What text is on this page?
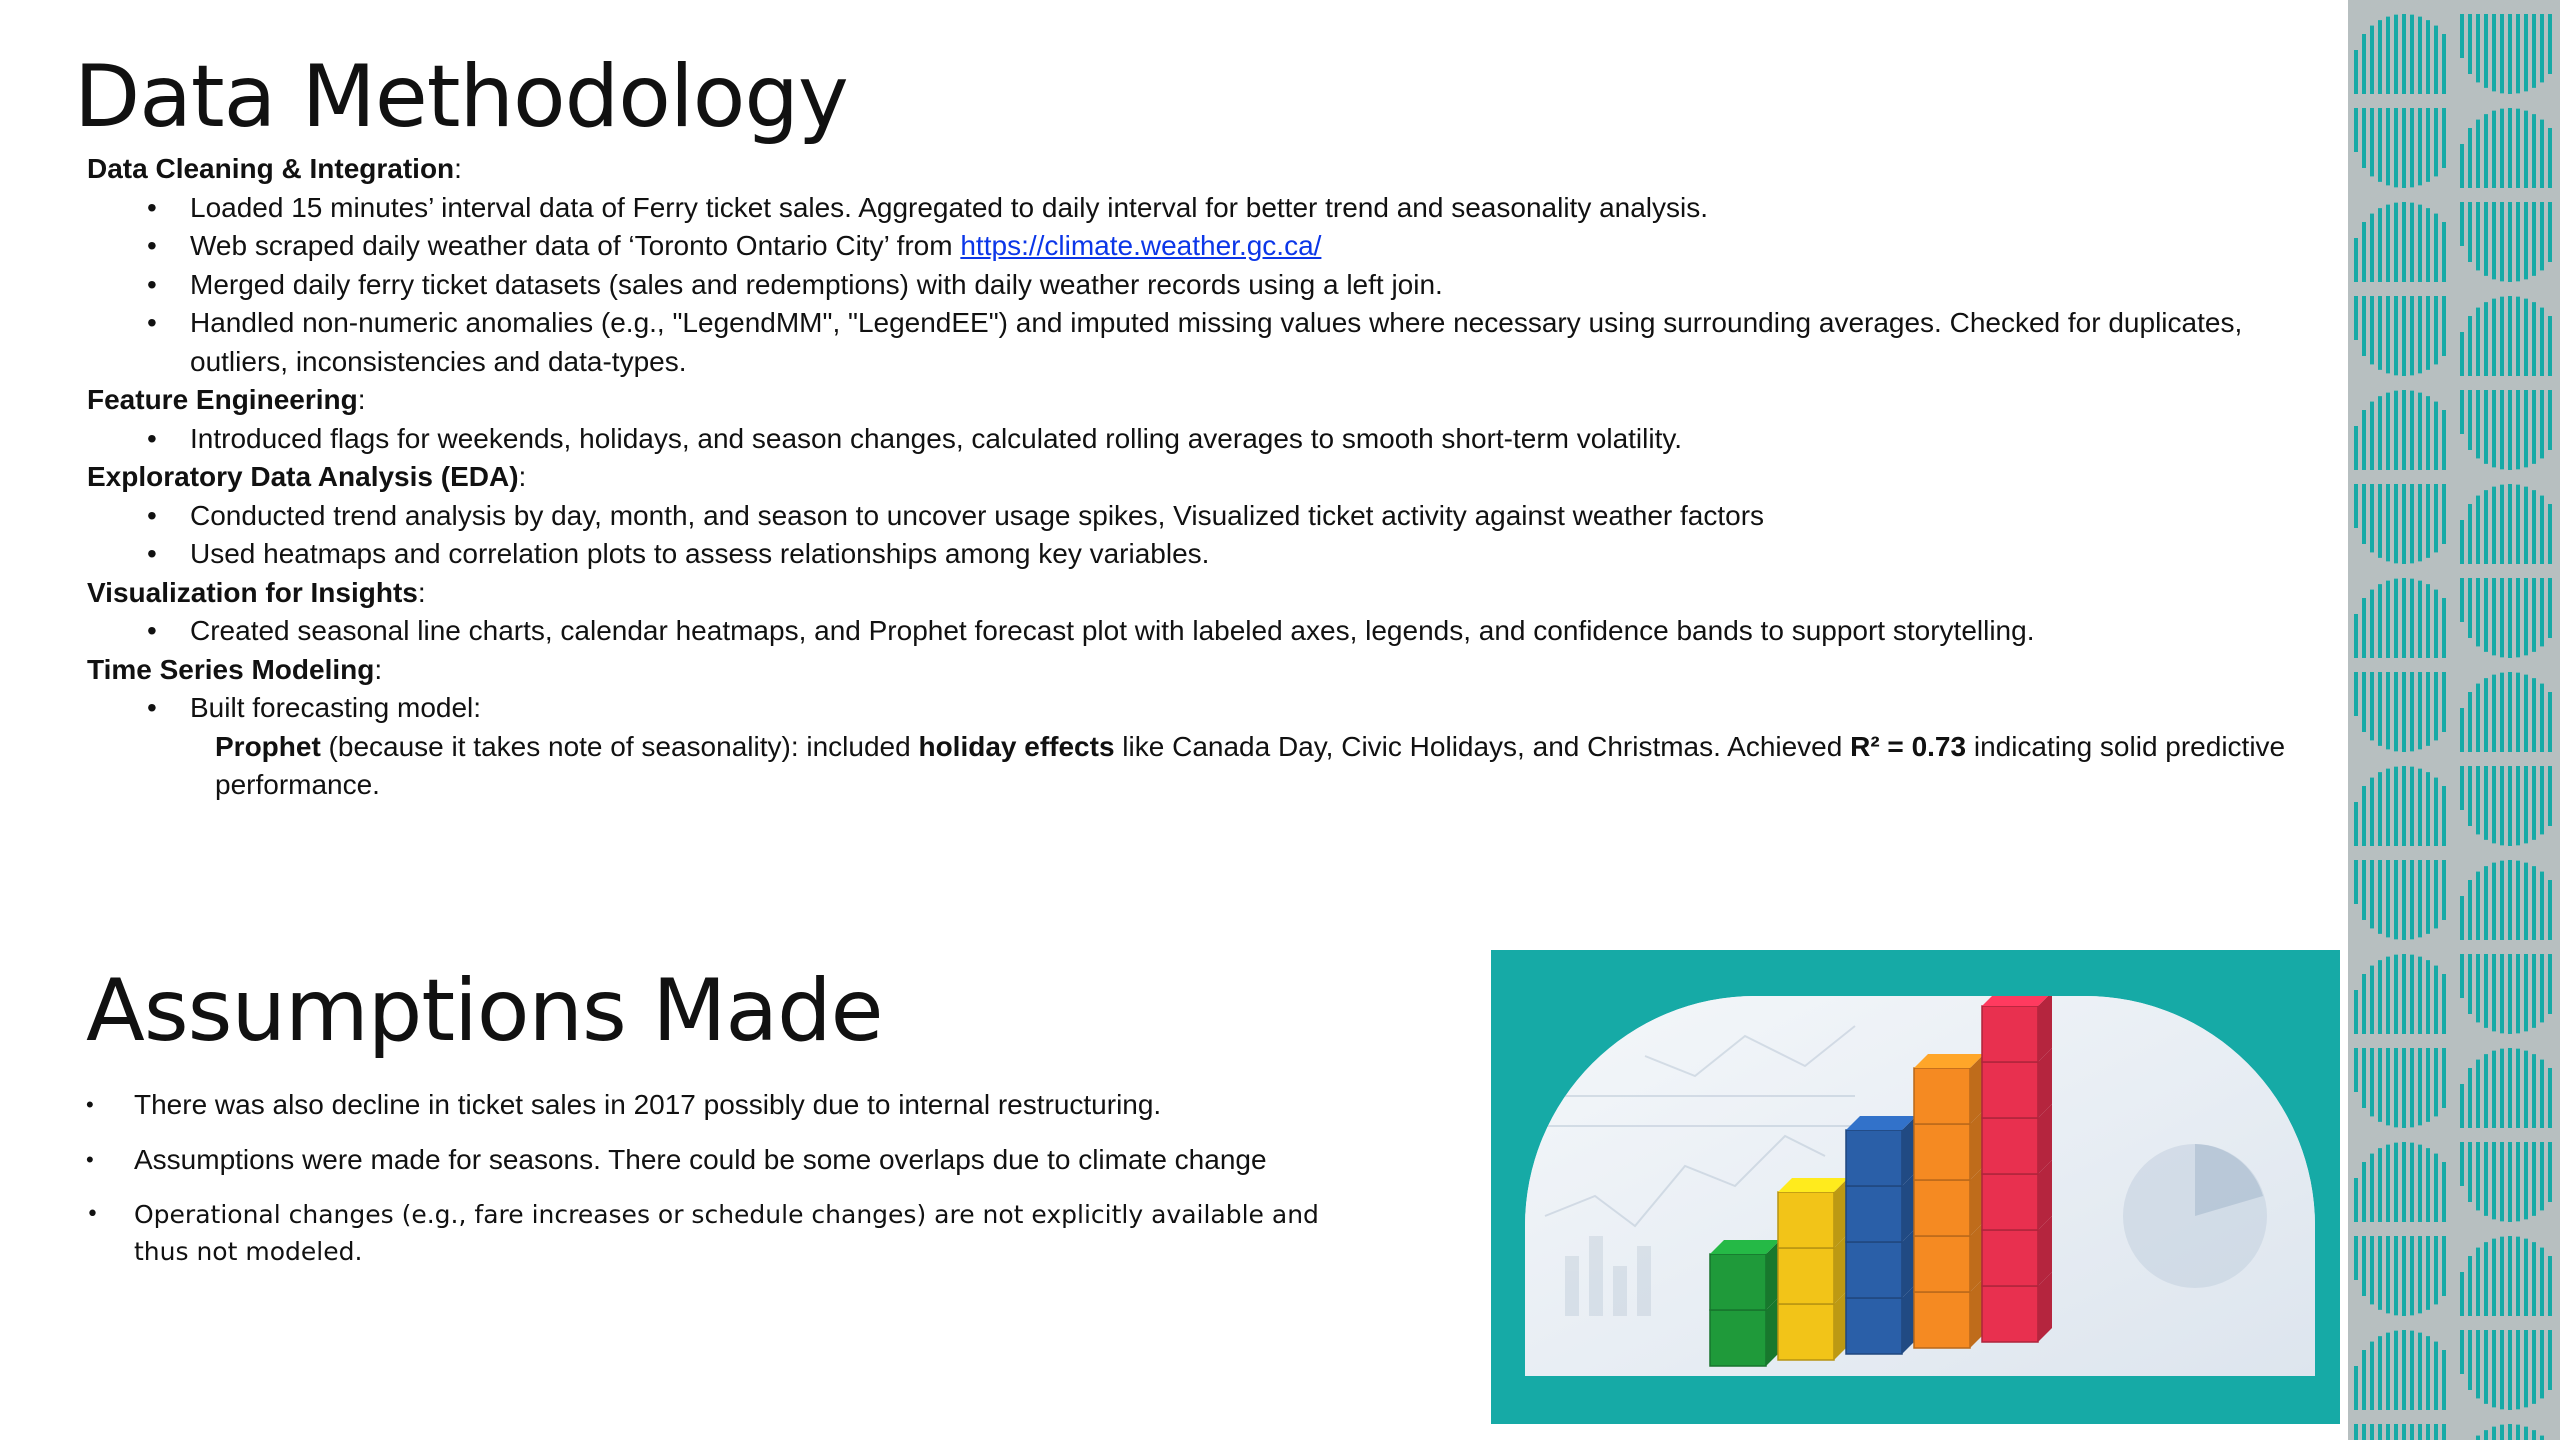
Data Methodology
Data Cleaning & Integration:
• Loaded 15 minutes’ interval data of Ferry ticket sales. Aggregated to daily interval for better trend and seasonality analysis.
• Web scraped daily weather data of ‘Toronto Ontario City’ from https://climate.weather.gc.ca/
• Merged daily ferry ticket datasets (sales and redemptions) with daily weather records using a left join.
• Handled non-numeric anomalies (e.g., "LegendMM", "LegendEE") and imputed missing values where necessary using surrounding averages. Checked for duplicates, outliers, inconsistencies and data-types.
Feature Engineering:
• Introduced flags for weekends, holidays, and season changes, calculated rolling averages to smooth short-term volatility.
Exploratory Data Analysis (EDA):
• Conducted trend analysis by day, month, and season to uncover usage spikes, Visualized ticket activity against weather factors
• Used heatmaps and correlation plots to assess relationships among key variables.
Visualization for Insights:
• Created seasonal line charts, calendar heatmaps, and Prophet forecast plot with labeled axes, legends, and confidence bands to support storytelling.
Time Series Modeling:
• Built forecasting model:
Prophet (because it takes note of seasonality): included holiday effects like Canada Day, Civic Holidays, and Christmas. Achieved R² = 0.73 indicating solid predictive performance.
Assumptions Made
• There was also decline in ticket sales in 2017 possibly due to internal restructuring.
• Assumptions were made for seasons. There could be some overlaps due to climate change
• Operational changes (e.g., fare increases or schedule changes) are not explicitly available and thus not modeled.
